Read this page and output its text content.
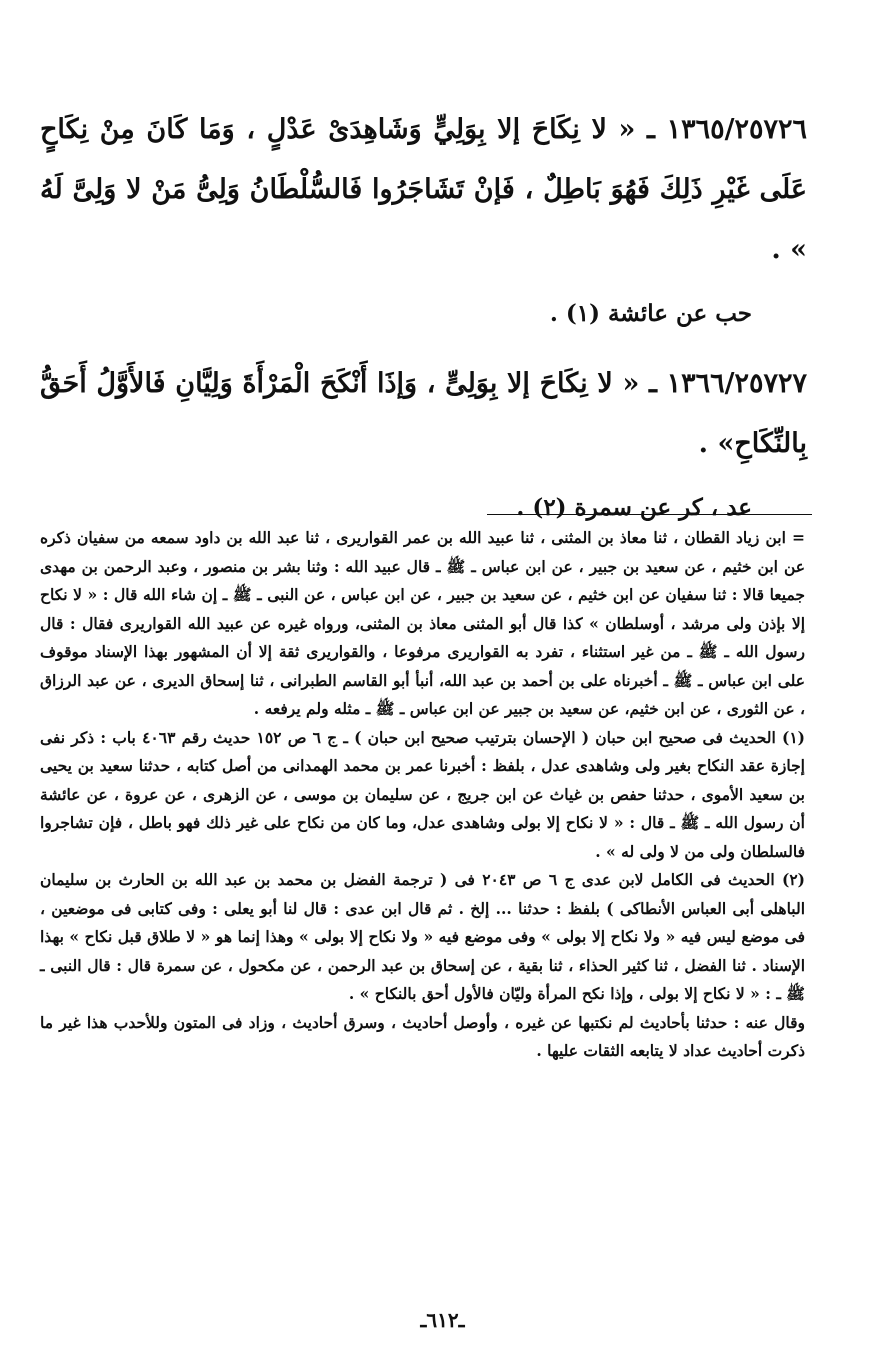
١٣٦٥/٢٥٧٢٦ ـ « لا نِكَاحَ إلا بِوَلِيٍّ وَشَاهِدَىْ عَدْلٍ ، وَمَا كَانَ مِنْ نِكَاحٍ عَلَى غَيْرِ ذَلِكَ فَهُوَ بَاطِلٌ ، فَإنْ تَشَاجَرُوا فَالسُّلْطَانُ وَلِىُّ مَنْ لا وَلِىَّ لَهُ » .

حب عن عائشة (١) .

١٣٦٦/٢٥٧٢٧ ـ « لا نِكَاحَ إلا بِوَلِىٍّ ، وَإذَا أَنْكَحَ الْمَرْأَةَ وَلِيَّانِ فَالأَوَّلُ أَحَقُّ بِالنِّكَاحِ» .

عد ، كر عن سمرة (٢) .

= ابن زياد القطان ، ثنا معاذ بن المثنى ، ثنا عبيد الله بن عمر القواريرى ، ثنا عبد الله بن داود سمعه من سفيان ذكره عن ابن خثيم ، عن سعيد بن جبير ، عن ابن عباس ـ ﷺ ـ قال عبيد الله : وثنا بشر بن منصور ، وعبد الرحمن بن مهدى جميعا قالا : ثنا سفيان عن ابن خثيم ، عن سعيد بن جبير ، عن ابن عباس ، عن النبى ـ ﷺ ـ إن شاء الله قال : « لا نكاح إلا بإذن ولى مرشد ، أوسلطان » كذا قال أبو المثنى معاذ بن المثنى، ورواه غيره عن عبيد الله القواريرى فقال : قال رسول الله ـ ﷺ ـ من غير استثناء ، تفرد به القواريرى مرفوعا ، والقواريرى ثقة إلا أن المشهور بهذا الإسناد موقوف على ابن عباس ـ ﷺ ـ أخبرناه على بن أحمد بن عبد الله، أنبأ أبو القاسم الطبرانى ، ثنا إسحاق الديرى ، عن عبد الرزاق ، عن الثورى ، عن ابن خثيم، عن سعيد بن جبير عن ابن عباس ـ ﷺ ـ مثله ولم يرفعه .

(١) الحديث فى صحيح ابن حبان ( الإحسان بترتيب صحيح ابن حبان ) ـ ج ٦ ص ١٥٢ حديث رقم ٤٠٦٣ باب : ذكر نفى إجازة عقد النكاح بغير ولى وشاهدى عدل ، بلفظ : أخبرنا عمر بن محمد الهمدانى من أصل كتابه ، حدثنا سعيد بن يحيى بن سعيد الأموى ، حدثنا حفص بن غياث عن ابن جريج ، عن سليمان بن موسى ، عن الزهرى ، عن عروة ، عن عائشة أن رسول الله ـ ﷺ ـ قال : « لا نكاح إلا بولى وشاهدى عدل، وما كان من نكاح على غير ذلك فهو باطل ، فإن تشاجروا فالسلطان ولى من لا ولى له » .

(٢) الحديث فى الكامل لابن عدى ج ٦ ص ٢٠٤٣ فى ( ترجمة الفضل بن محمد بن عبد الله بن الحارث بن سليمان الباهلى أبى العباس الأنطاكى ) بلفظ : حدثنا ... إلخ . ثم قال ابن عدى : قال لنا أبو يعلى : وفى كتابى فى موضعين ، فى موضع ليس فيه « ولا نكاح إلا بولى » وفى موضع فيه « ولا نكاح إلا بولى » وهذا إنما هو « لا طلاق قبل نكاح » بهذا الإسناد . ثنا الفضل ، ثنا كثير الحذاء ، ثنا بقية ، عن إسحاق بن عبد الرحمن ، عن مكحول ، عن سمرة قال : قال النبى ـ ﷺ ـ : « لا نكاح إلا بولى ، وإذا نكح المرأة وليّان فالأول أحق بالنكاح » .

وقال عنه : حدثنا بأحاديث لم نكتبها عن غيره ، وأوصل أحاديث ، وسرق أحاديث ، وزاد فى المتون وللأحدب هذا غير ما ذكرت أحاديث عداد لا يتابعه الثقات عليها .

ـ٦١٢ـ
